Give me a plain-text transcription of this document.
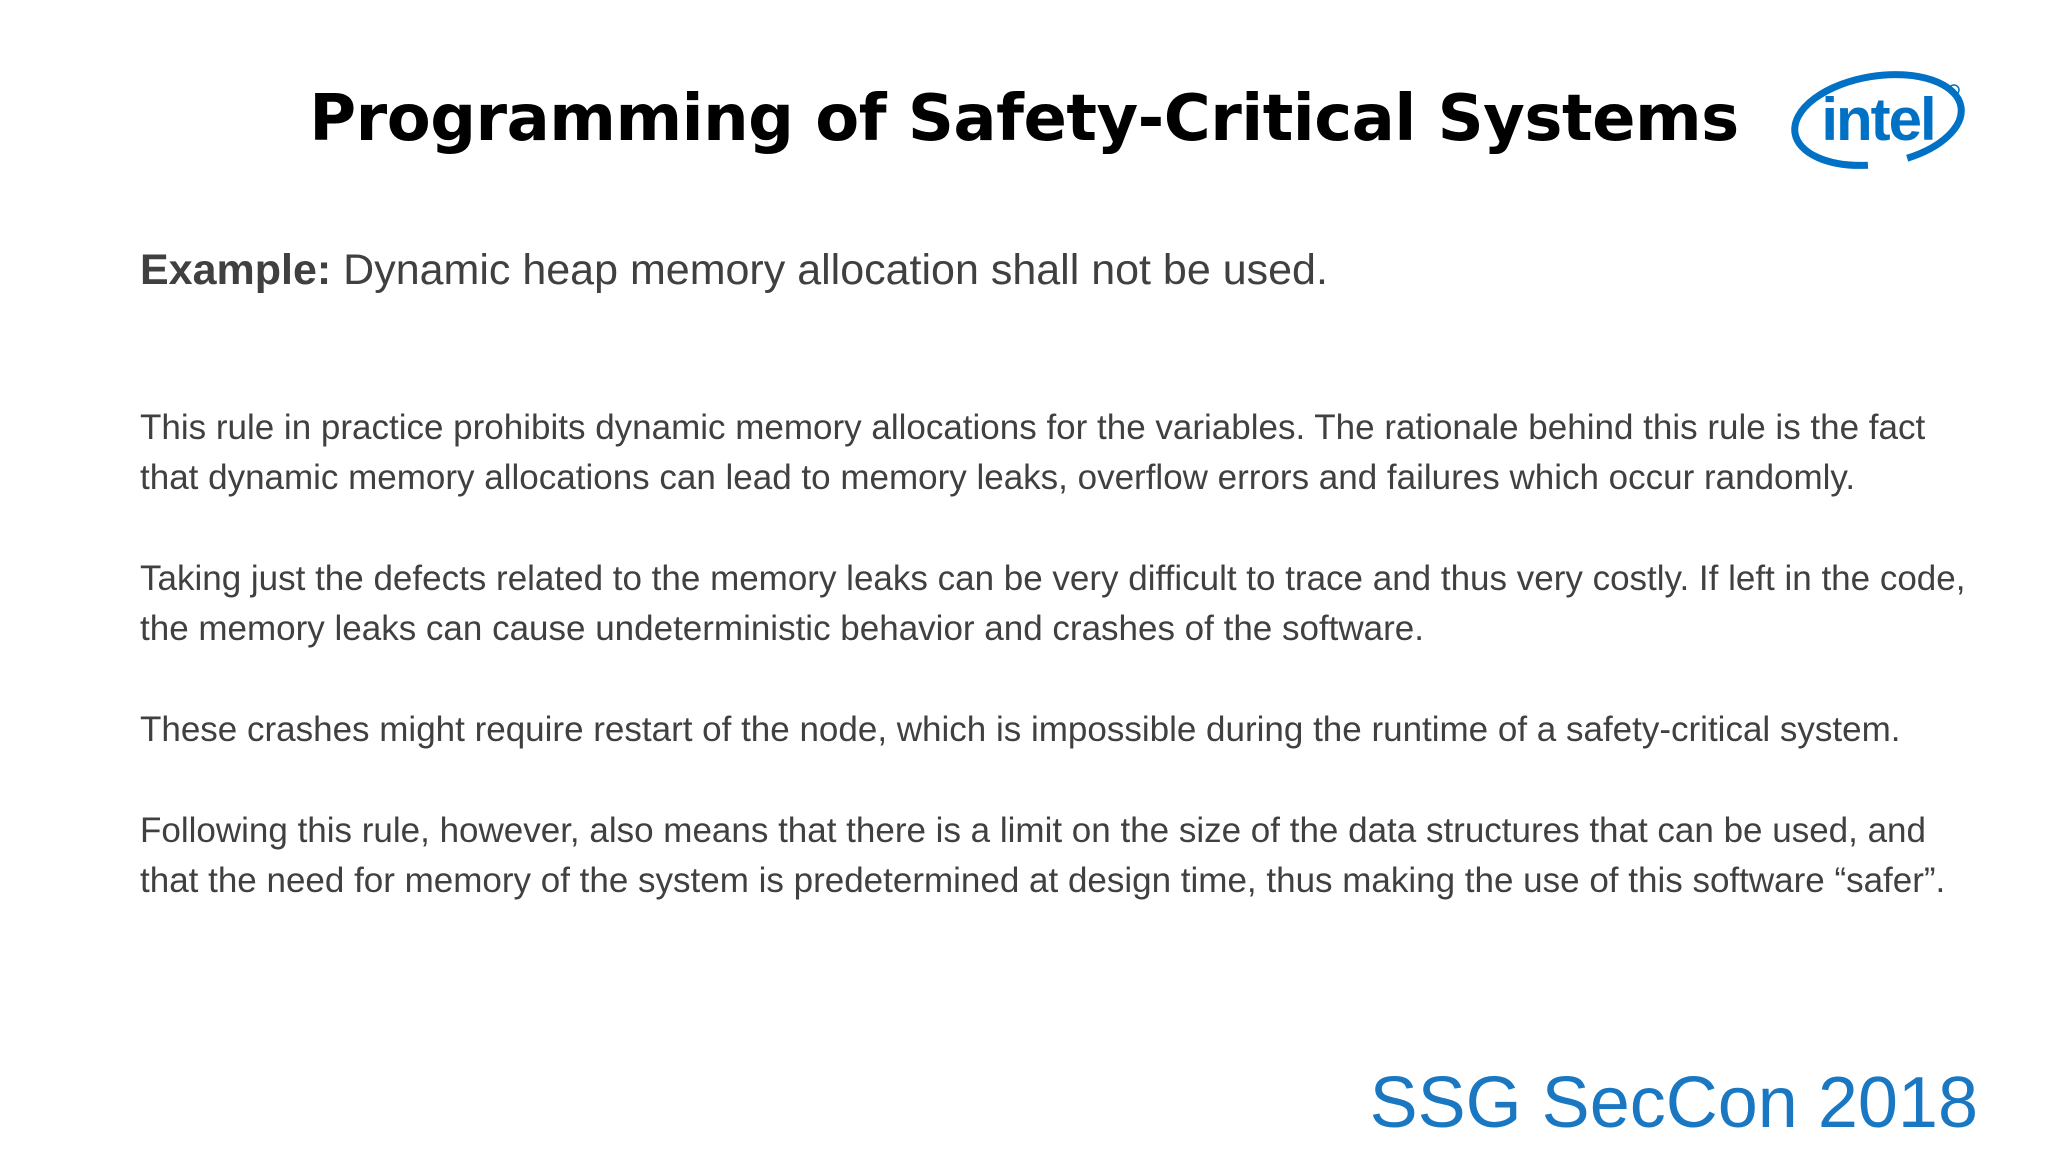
Programming of Safety-Critical Systems	intel

Example: Dynamic heap memory allocation shall not be used.

This rule in practice prohibits dynamic memory allocations for the variables. The rationale behind this rule is the fact that dynamic memory allocations can lead to memory leaks, overflow errors and failures which occur randomly.

Taking just the defects related to the memory leaks can be very difficult to trace and thus very costly. If left in the code, the memory leaks can cause undeterministic behavior and crashes of the software.

These crashes might require restart of the node, which is impossible during the runtime of a safety-critical system.

Following this rule, however, also means that there is a limit on the size of the data structures that can be used, and that the need for memory of the system is predetermined at design time, thus making the use of this software “safer”.

SSG SecCon 2018
